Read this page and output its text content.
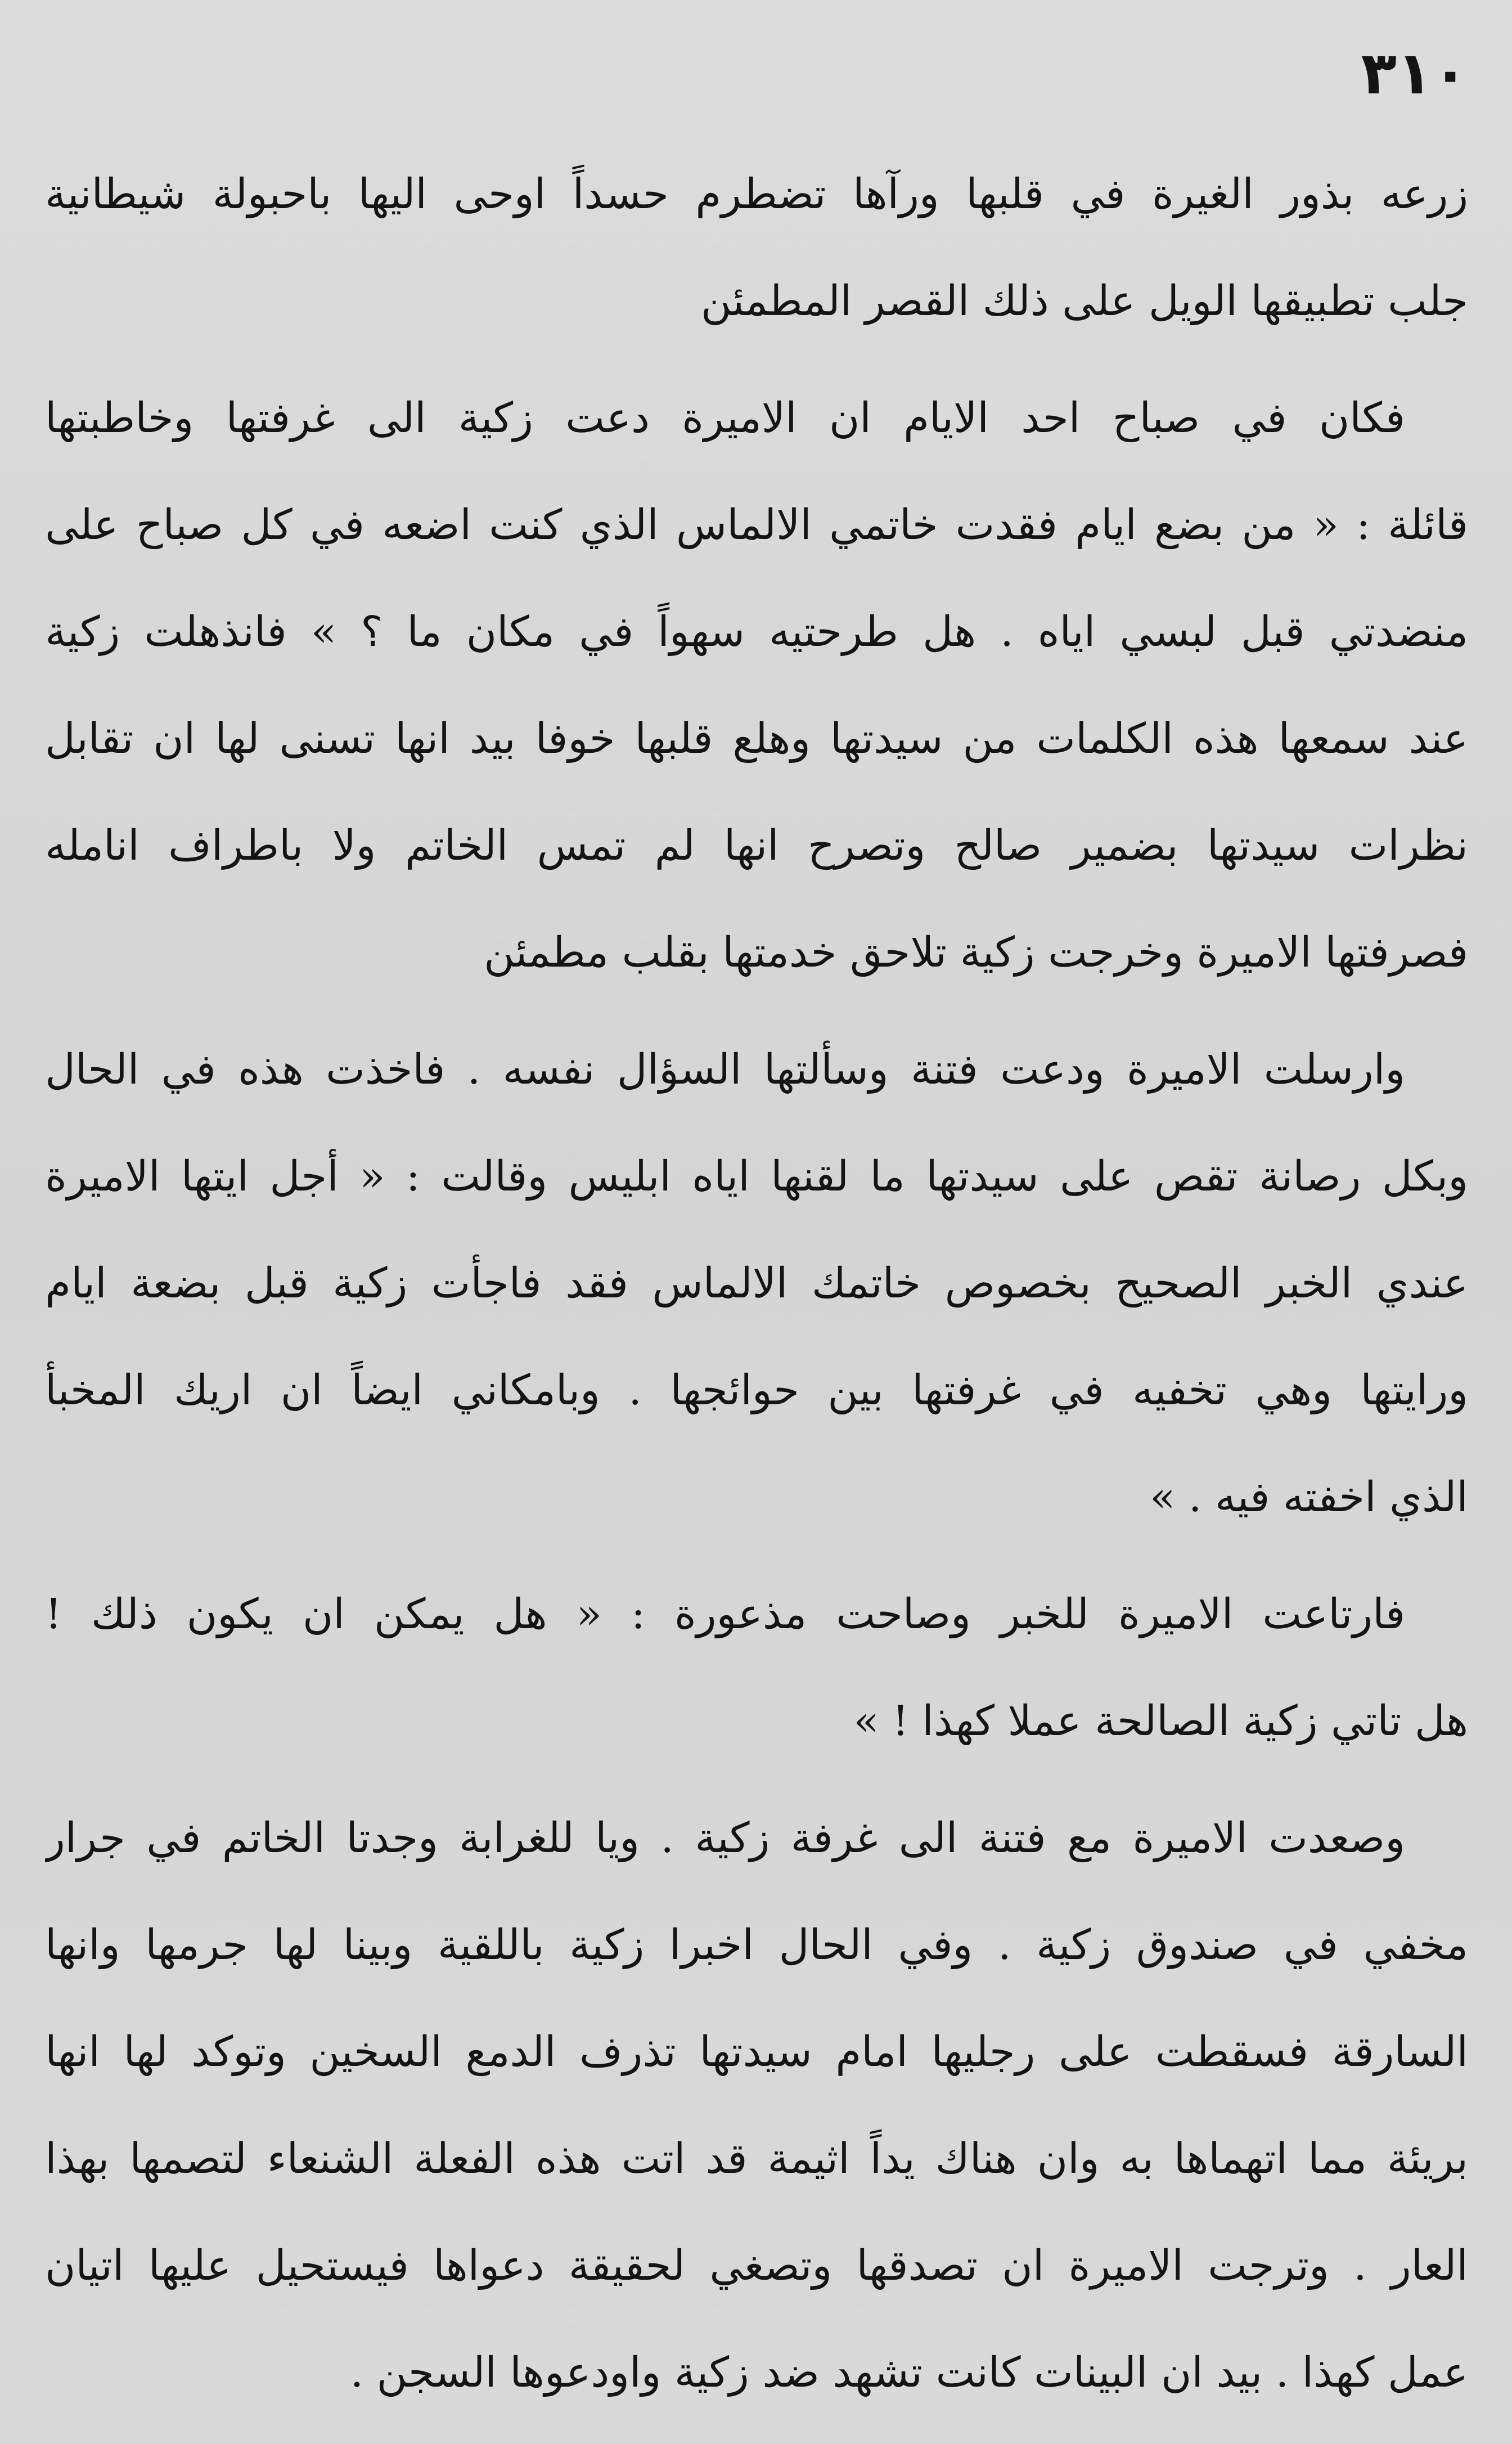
٣١٠
زرعه
بذور
الغيرة
في
قلبها
ورآها
تضطرم
حسداً
اوحى
اليها
باحبولة
شيطانية
جلب تطبيقها الويل على ذلك القصر المطمئن
فكان
في
صباح
احد
الايام
ان
الاميرة
دعت
زكية
الى
غرفتها
وخاطبتها
قائلة
:
«
من
بضع
ايام
فقدت
خاتمي
الالماس
الذي
كنت
اضعه
في
كل
صباح
على
منضدتي
قبل
لبسي
اياه
.
هل
طرحتيه
سهواً
في
مكان
ما
؟
»
فانذهلت
زكية
عند
سمعها
هذه
الكلمات
من
سيدتها
وهلع
قلبها
خوفا
بيد
انها
تسنى
لها
ان
تقابل
نظرات
سيدتها
بضمير
صالح
وتصرح
انها
لم
تمس
الخاتم
ولا
باطراف
انامله
فصرفتها الاميرة وخرجت زكية تلاحق خدمتها بقلب مطمئن
وارسلت
الاميرة
ودعت
فتنة
وسألتها
السؤال
نفسه
.
فاخذت
هذه
في
الحال
وبكل
رصانة
تقص
على
سيدتها
ما
لقنها
اياه
ابليس
وقالت
:
«
أجل
ايتها
الاميرة
عندي
الخبر
الصحيح
بخصوص
خاتمك
الالماس
فقد
فاجأت
زكية
قبل
بضعة
ايام
ورايتها
وهي
تخفيه
في
غرفتها
بين
حوائجها
.
وبامكاني
ايضاً
ان
اريك
المخبأ
الذي اخفته فيه . »
فارتاعت
الاميرة
للخبر
وصاحت
مذعورة
:
«
هل
يمكن
ان
يكون
ذلك
!
هل تاتي زكية الصالحة عملا كهذا ! »
وصعدت
الاميرة
مع
فتنة
الى
غرفة
زكية
.
ويا
للغرابة
وجدتا
الخاتم
في
جرار
مخفي
في
صندوق
زكية
.
وفي
الحال
اخبرا
زكية
باللقية
وبينا
لها
جرمها
وانها
السارقة
فسقطت
على
رجليها
امام
سيدتها
تذرف
الدمع
السخين
وتوكد
لها
انها
بريئة
مما
اتهماها
به
وان
هناك
يداً
اثيمة
قد
اتت
هذه
الفعلة
الشنعاء
لتصمها
بهذا
العار
.
وترجت
الاميرة
ان
تصدقها
وتصغي
لحقيقة
دعواها
فيستحيل
عليها
اتيان
عمل كهذا . بيد ان البينات كانت تشهد ضد زكية واودعوها السجن .
